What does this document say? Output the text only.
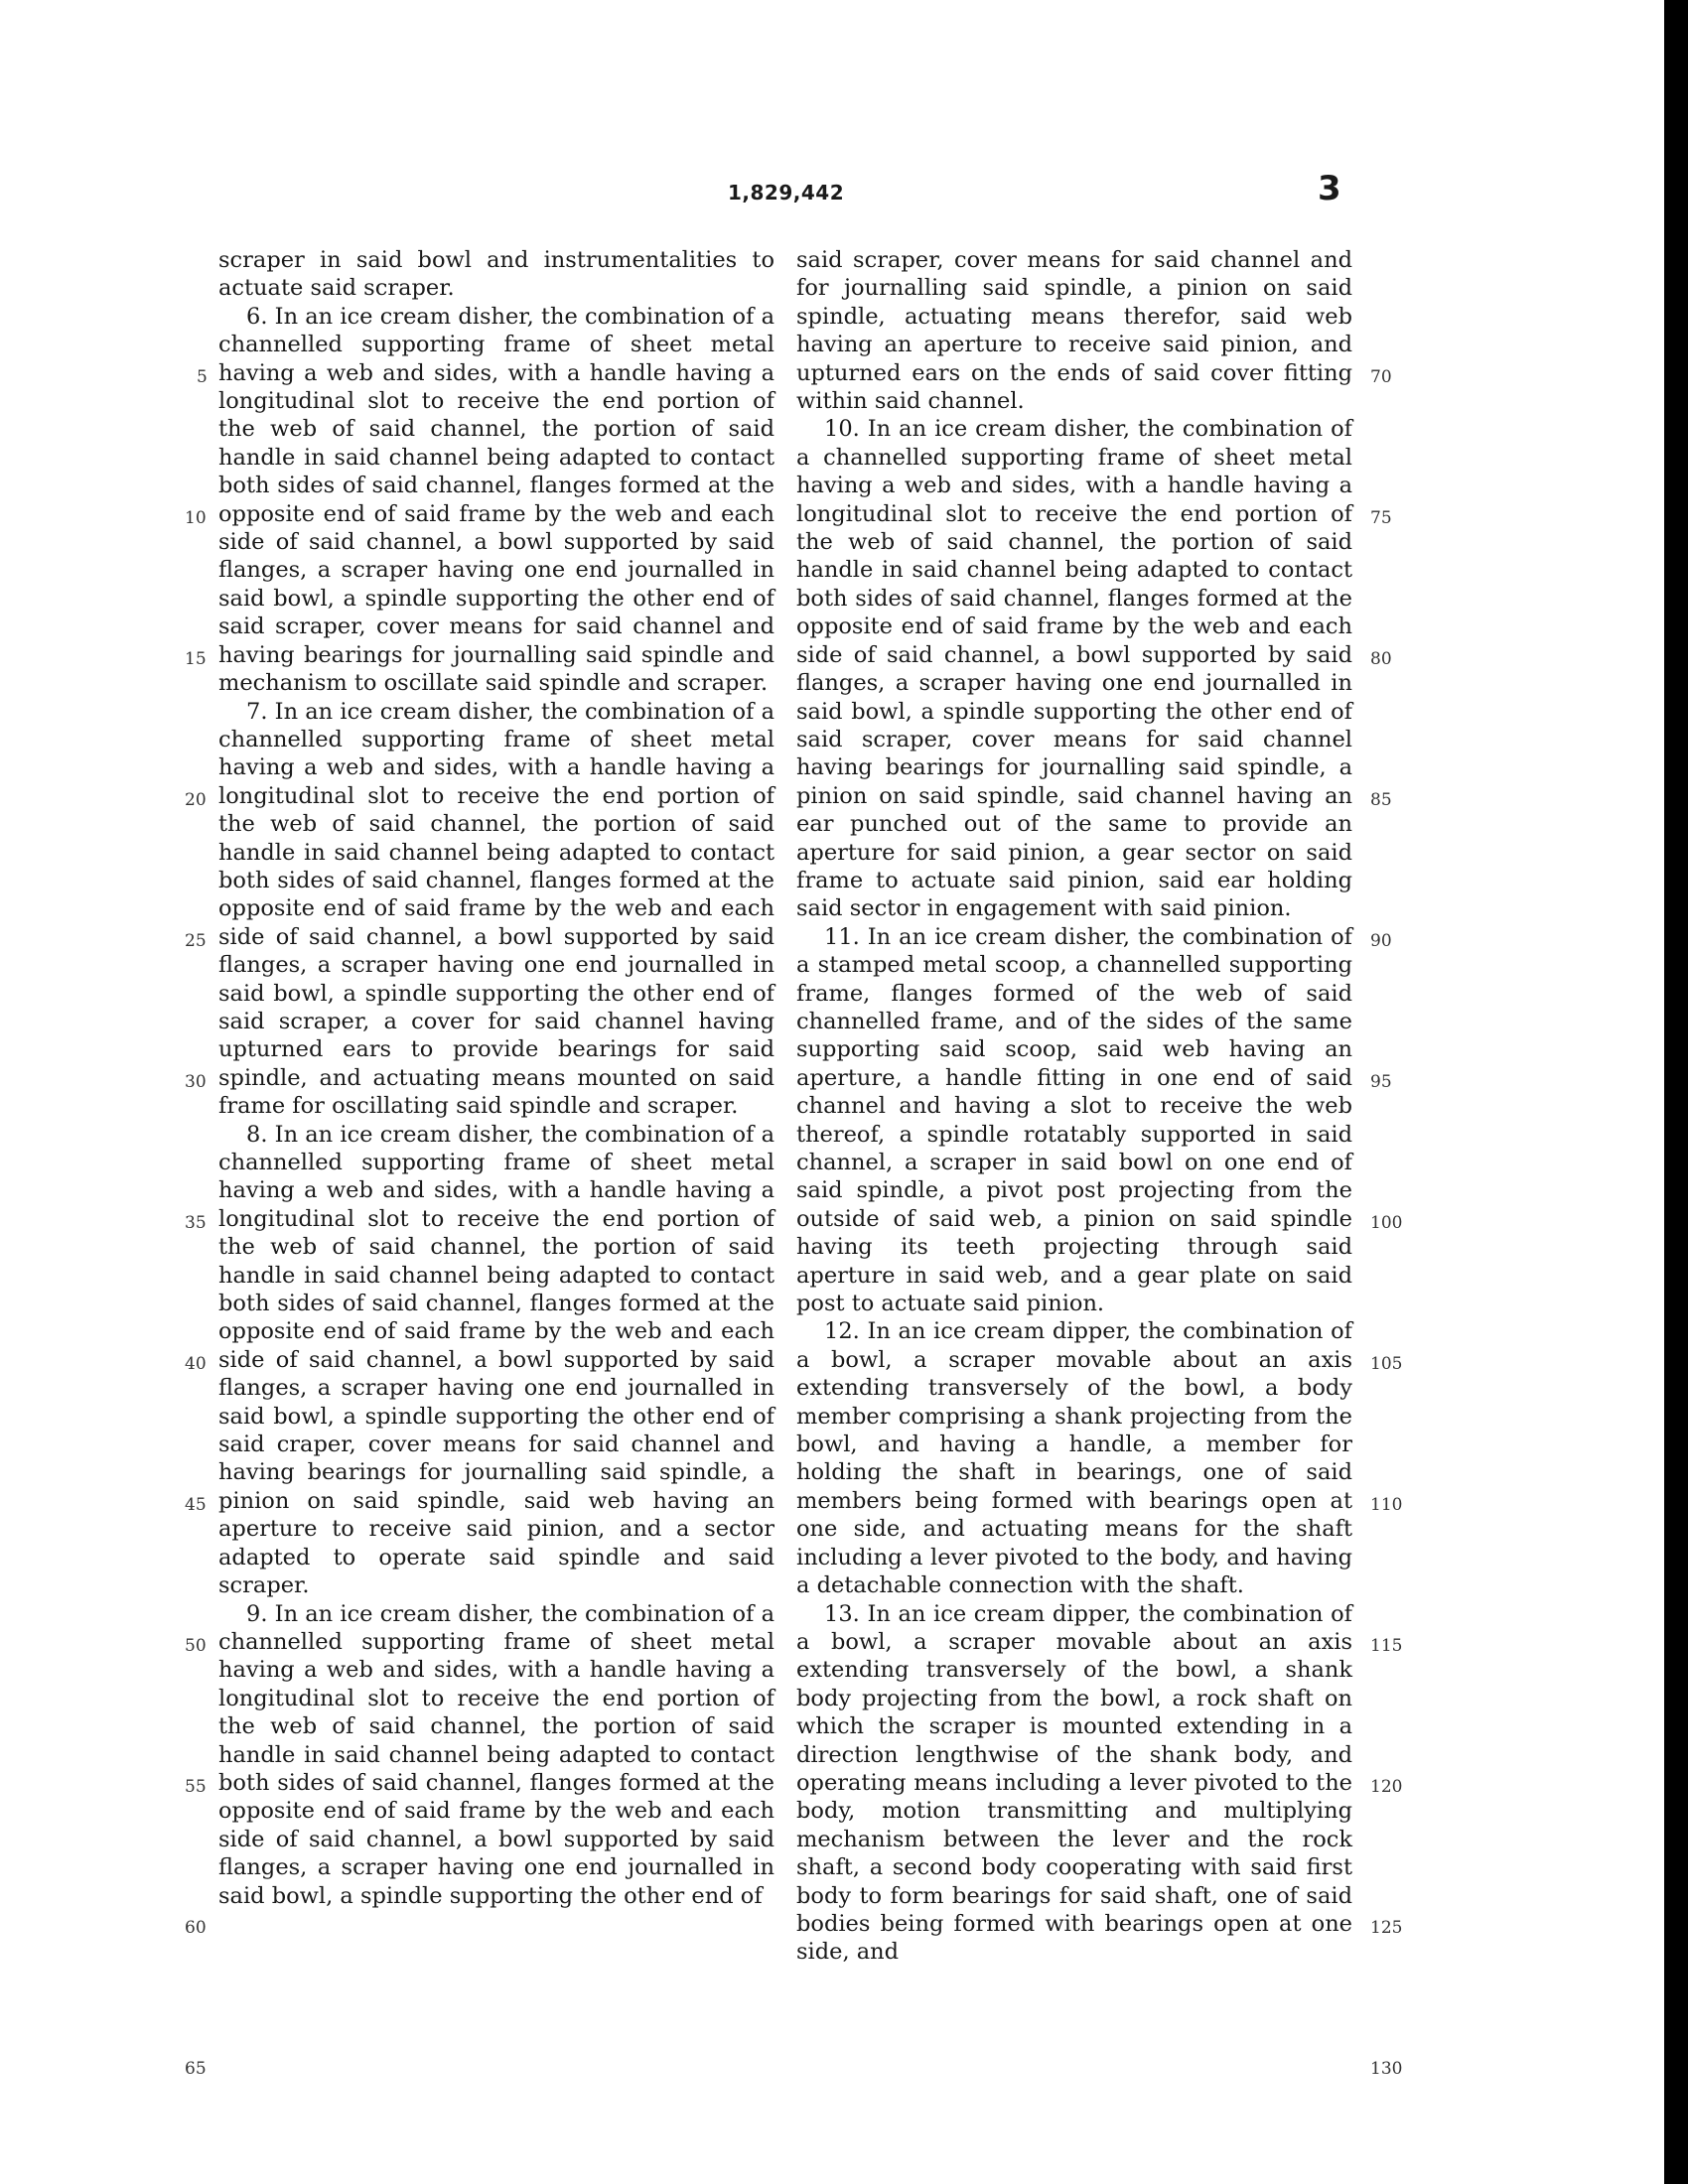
1,829,442	3

scraper in said bowl and instrumentalities to actuate said scraper.

6. In an ice cream disher, the combination of a channelled supporting frame of sheet metal having a web and sides, with a handle having a longitudinal slot to receive the end portion of the web of said channel, the portion of said handle in said channel being adapted to contact both sides of said channel, flanges formed at the opposite end of said frame by the web and each side of said channel, a bowl supported by said flanges, a scraper having one end journalled in said bowl, a spindle supporting the other end of said scraper, cover means for said channel and having bearings for journalling said spindle and mechanism to oscillate said spindle and scraper.

7. In an ice cream disher, the combination of a channelled supporting frame of sheet metal having a web and sides, with a handle having a longitudinal slot to receive the end portion of the web of said channel, the portion of said handle in said channel being adapted to contact both sides of said channel, flanges formed at the opposite end of said frame by the web and each side of said channel, a bowl supported by said flanges, a scraper having one end journalled in said bowl, a spindle supporting the other end of said scraper, a cover for said channel having upturned ears to provide bearings for said spindle, and actuating means mounted on said frame for oscillating said spindle and scraper.

8. In an ice cream disher, the combination of a channelled supporting frame of sheet metal having a web and sides, with a handle having a longitudinal slot to receive the end portion of the web of said channel, the portion of said handle in said channel being adapted to contact both sides of said channel, flanges formed at the opposite end of said frame by the web and each side of said channel, a bowl supported by said flanges, a scraper having one end journalled in said bowl, a spindle supporting the other end of said craper, cover means for said channel and having bearings for journalling said spindle, a pinion on said spindle, said web having an aperture to receive said pinion, and a sector adapted to operate said spindle and said scraper.

9. In an ice cream disher, the combination of a channelled supporting frame of sheet metal having a web and sides, with a handle having a longitudinal slot to receive the end portion of the web of said channel, the portion of said handle in said channel being adapted to contact both sides of said channel, flanges formed at the opposite end of said frame by the web and each side of said channel, a bowl supported by said flanges, a scraper having one end journalled in said bowl, a spindle supporting the other end of

said scraper, cover means for said channel and for journalling said spindle, a pinion on said spindle, actuating means therefor, said web having an aperture to receive said pinion, and upturned ears on the ends of said cover fitting within said channel.

10. In an ice cream disher, the combination of a channelled supporting frame of sheet metal having a web and sides, with a handle having a longitudinal slot to receive the end portion of the web of said channel, the portion of said handle in said channel being adapted to contact both sides of said channel, flanges formed at the opposite end of said frame by the web and each side of said channel, a bowl supported by said flanges, a scraper having one end journalled in said bowl, a spindle supporting the other end of said scraper, cover means for said channel having bearings for journalling said spindle, a pinion on said spindle, said channel having an ear punched out of the same to provide an aperture for said pinion, a gear sector on said frame to actuate said pinion, said ear holding said sector in engagement with said pinion.

11. In an ice cream disher, the combination of a stamped metal scoop, a channelled supporting frame, flanges formed of the web of said channelled frame, and of the sides of the same supporting said scoop, said web having an aperture, a handle fitting in one end of said channel and having a slot to receive the web thereof, a spindle rotatably supported in said channel, a scraper in said bowl on one end of said spindle, a pivot post projecting from the outside of said web, a pinion on said spindle having its teeth projecting through said aperture in said web, and a gear plate on said post to actuate said pinion.

12. In an ice cream dipper, the combination of a bowl, a scraper movable about an axis extending transversely of the bowl, a body member comprising a shank projecting from the bowl, and having a handle, a member for holding the shaft in bearings, one of said members being formed with bearings open at one side, and actuating means for the shaft including a lever pivoted to the body, and having a detachable connection with the shaft.

13. In an ice cream dipper, the combination of a bowl, a scraper movable about an axis extending transversely of the bowl, a shank body projecting from the bowl, a rock shaft on which the scraper is mounted extending in a direction lengthwise of the shank body, and operating means including a lever pivoted to the body, motion transmitting and multiplying mechanism between the lever and the rock shaft, a second body cooperating with said first body to form bearings for said shaft, one of said bodies being formed with bearings open at one side, and

5
10
15
20
25
30
35
40
45
50
55
60
65
70
75
80
85
90
95
100
105
110
115
120
125
130
